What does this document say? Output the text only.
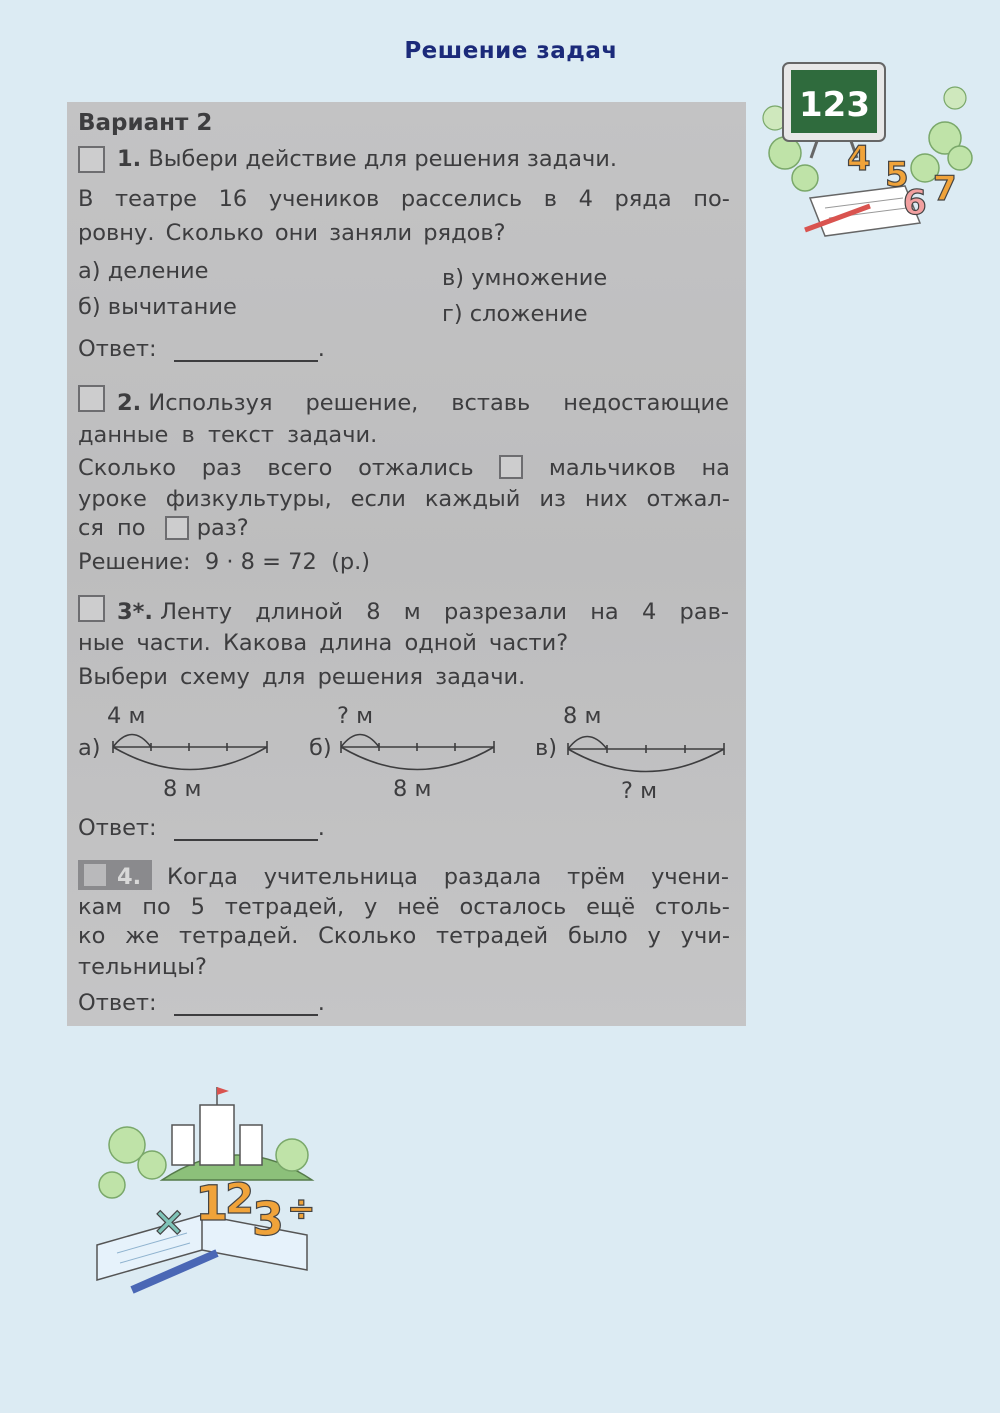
Решение задач
Вариант 2
1. Выбери действие для решения задачи.
В театре 16 учеников расселись в 4 ряда по-
ровну. Сколько они заняли рядов?
а) деление
б) вычитание
в) умножение
г) сложение
Ответ:	.
2. Используя решение, вставь недостающие
данные в текст задачи.
Сколько раз всего отжались	мальчиков на
уроке физкультуры, если каждый из них отжал-
ся по раз?
Решение:  9 · 8 = 72  (р.)
3*. Ленту длиной 8 м разрезали на 4 рав-
ные части. Какова длина одной части?
Выбери схему для решения задачи.
4 м
а)
8 м
? м
б)
8 м
8 м
в)
? м
Ответ:	.
4. Когда учительница раздала трём учени-
кам по 5 тетрадей, у неё осталось ещё столь-
ко же тетрадей. Сколько тетрадей было у учи-
тельницы?
Ответ:	.
123
4 5
6 7
1
2
3
×	÷
